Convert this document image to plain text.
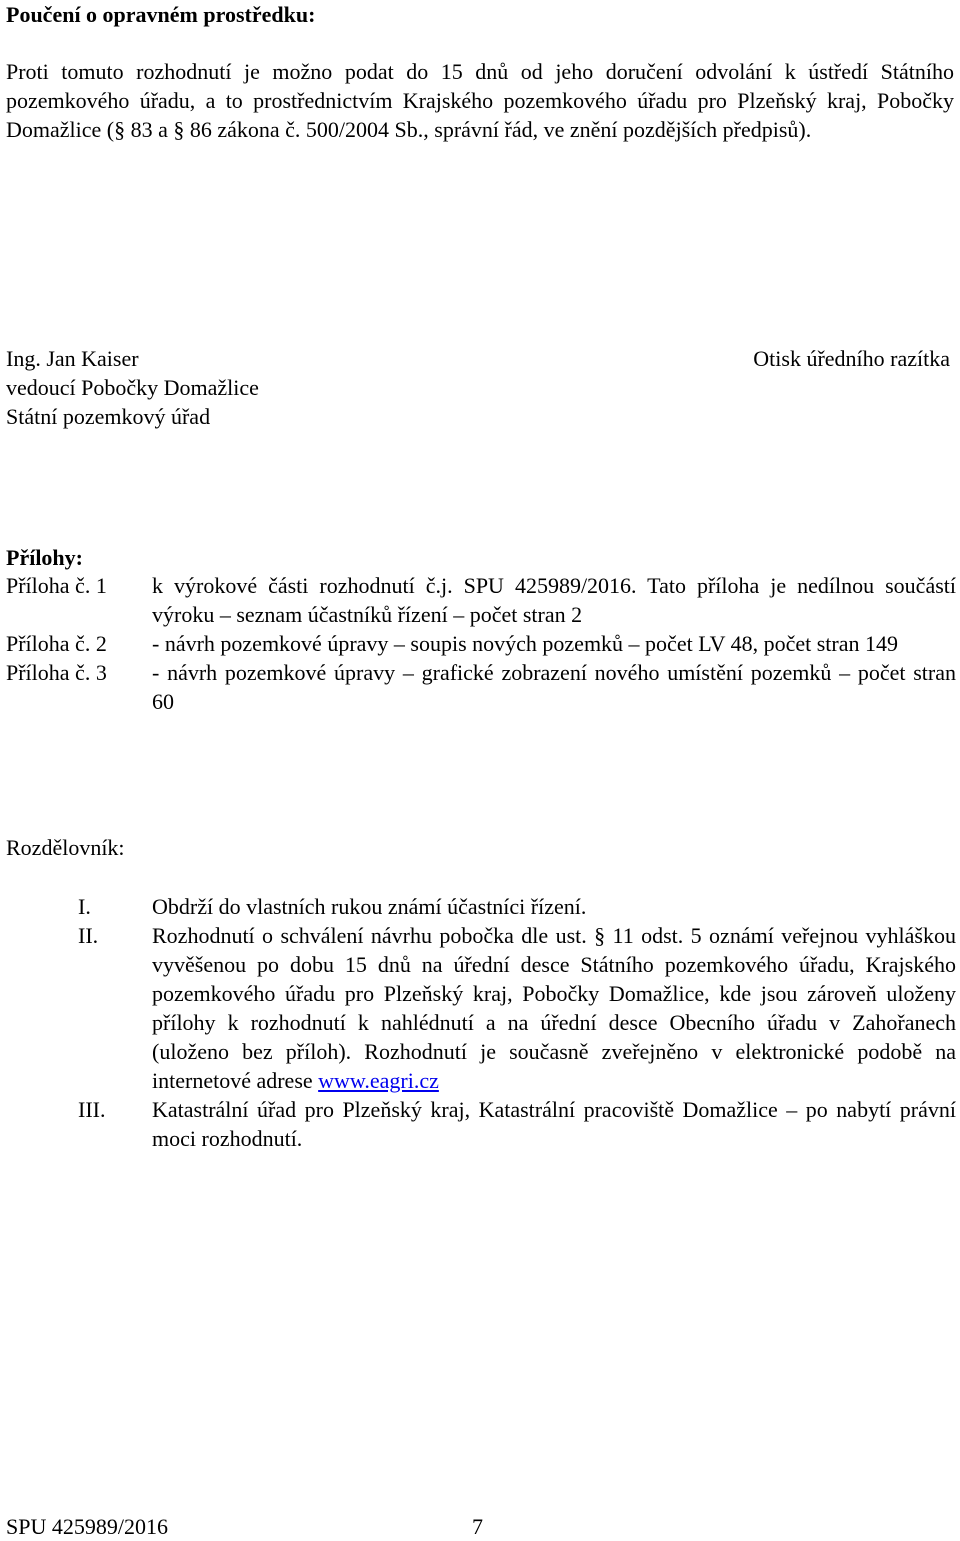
Poučení o opravném prostředku:
Proti tomuto rozhodnutí je možno podat do 15 dnů od jeho doručení odvolání k ústředí Státního pozemkového úřadu, a to prostřednictvím Krajského pozemkového úřadu pro Plzeňský kraj, Pobočky Domažlice (§ 83 a § 86 zákona č. 500/2004 Sb., správní řád, ve znění pozdějších předpisů).
Ing. Jan Kaiser
vedoucí Pobočky Domažlice
Státní pozemkový úřad
Otisk úředního razítka
Přílohy:
Příloha č. 1	k výrokové části rozhodnutí č.j. SPU 425989/2016. Tato příloha je nedílnou součástí výroku – seznam účastníků řízení – počet stran 2
Příloha č. 2	- návrh pozemkové úpravy – soupis nových pozemků – počet LV 48, počet stran 149
Příloha č. 3	- návrh pozemkové úpravy – grafické zobrazení nového umístění pozemků – počet stran 60
Rozdělovník:
I.	Obdrží do vlastních rukou známí účastníci řízení.
II.	Rozhodnutí o schválení návrhu pobočka dle ust. § 11 odst. 5 oznámí veřejnou vyhláškou vyvěšenou po dobu 15 dnů na úřední desce Státního pozemkového úřadu, Krajského pozemkového úřadu pro Plzeňský kraj, Pobočky Domažlice, kde jsou zároveň uloženy přílohy k rozhodnutí k nahlédnutí a na úřední desce Obecního úřadu v Zahořanech (uloženo bez příloh). Rozhodnutí je současně zveřejněno v elektronické podobě na internetové adrese www.eagri.cz
III.	Katastrální úřad pro Plzeňský kraj, Katastrální pracoviště Domažlice – po nabytí právní moci rozhodnutí.
SPU 425989/2016	7
